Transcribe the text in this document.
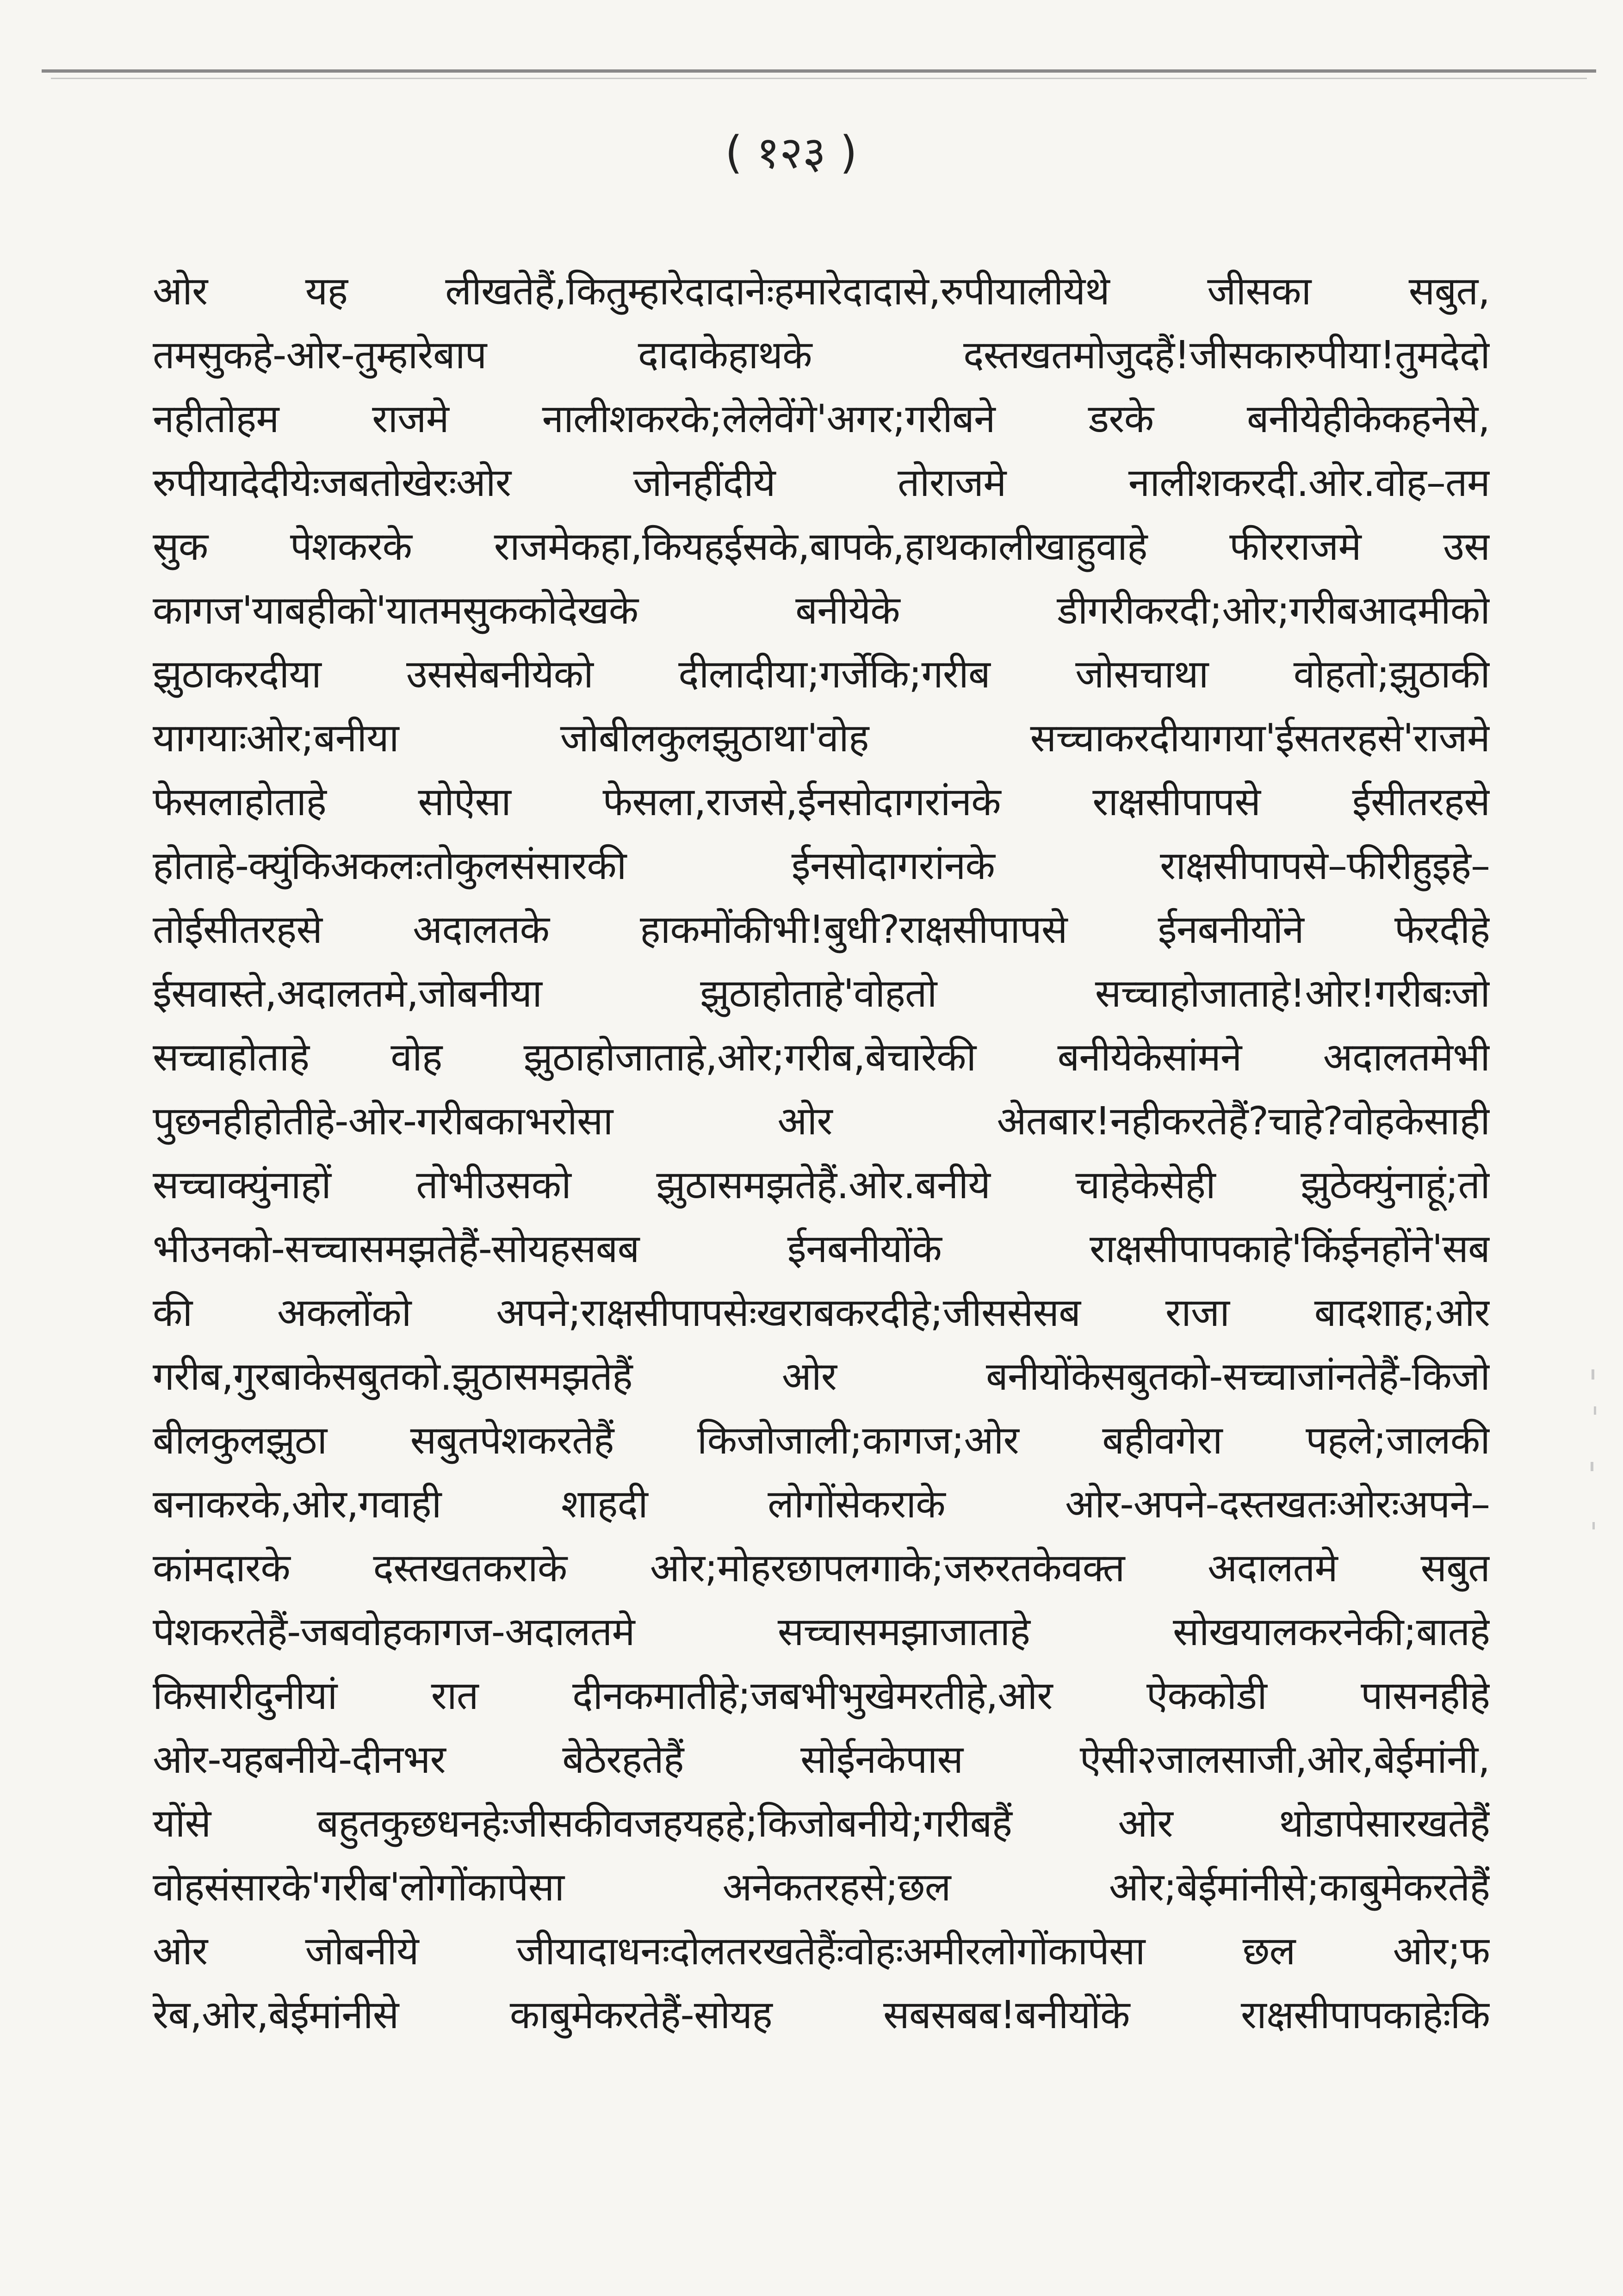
( १२३ )
ओर यह लीखतेहैं,कितुम्हारेदादानेःहमारेदादासे,रुपीयालीयेथे जीसका सबुत,
तमसुकहे-ओर-तुम्हारेबाप दादाकेहाथके दस्तखतमोजुदहैं!जीसकारुपीया!तुमदेदो
नहीतोहम राजमे नालीशकरके;लेलेवेंगे'अगर;गरीबने डरके बनीयेहीकेकहनेसे,
रुपीयादेदीयेःजबतोखेरःओर जोनहींदीये तोराजमे नालीशकरदी.ओर.वोह–तम
सुक पेशकरके राजमेकहा,कियहईसके,बापके,हाथकालीखाहुवाहे फीरराजमे उस
कागज'याबहीको'यातमसुककोदेखके बनीयेके डीगरीकरदी;ओर;गरीबआदमीको
झुठाकरदीया उससेबनीयेको दीलादीया;गर्जेकि;गरीब जोसचाथा वोहतो;झुठाकी
यागयाःओर;बनीया जोबीलकुलझुठाथा'वोह सच्चाकरदीयागया'ईसतरहसे'राजमे
फेसलाहोताहे सोऐसा फेसला,राजसे,ईनसोदागरांनके राक्षसीपापसे ईसीतरहसे
होताहे-क्युंकिअकलःतोकुलसंसारकी ईनसोदागरांनके राक्षसीपापसे–फीरीहुइहे–
तोईसीतरहसे अदालतके हाकमोंकीभी!बुधी?राक्षसीपापसे ईनबनीयोंने फेरदीहे
ईसवास्ते,अदालतमे,जोबनीया झुठाहोताहे'वोहतो सच्चाहोजाताहे!ओर!गरीबःजो
सच्चाहोताहे वोह झुठाहोजाताहे,ओर;गरीब,बेचारेकी बनीयेकेसांमने अदालतमेभी
पुछनहीहोतीहे-ओर-गरीबकाभरोसा ओर अेतबार!नहीकरतेहैं?चाहे?वोहकेसाही
सच्चाक्युंनाहों तोभीउसको झुठासमझतेहैं.ओर.बनीये चाहेकेसेही झुठेक्युंनाहूं;तो
भीउनको-सच्चासमझतेहैं-सोयहसबब ईनबनीयोंके राक्षसीपापकाहे'किंईनहोंने'सब
की अकलोंको अपने;राक्षसीपापसेःखराबकरदीहे;जीससेसब राजा बादशाह;ओर
गरीब,गुरबाकेसबुतको.झुठासमझतेहैं ओर बनीयोंकेसबुतको-सच्चाजांनतेहैं-किजो
बीलकुलझुठा सबुतपेशकरतेहैं किजोजाली;कागज;ओर बहीवगेरा पहले;जालकी
बनाकरके,ओर,गवाही शाहदी लोगोंसेकराके ओर-अपने-दस्तखतःओरःअपने–
कांमदारके दस्तखतकराके ओर;मोहरछापलगाके;जरुरतकेवक्त अदालतमे सबुत
पेशकरतेहैं-जबवोहकागज-अदालतमे सच्चासमझाजाताहे सोखयालकरनेकी;बातहे
किसारीदुनीयां रात दीनकमातीहे;जबभीभुखेमरतीहे,ओर ऐककोडी पासनहीहे
ओर-यहबनीये-दीनभर बेठेरहतेहैं सोईनकेपास ऐसी२जालसाजी,ओर,बेईमांनी,
योंसे बहुतकुछधनहेःजीसकीवजहयहहे;किजोबनीये;गरीबहैं ओर थोडापेसारखतेहैं
वोहसंसारके'गरीब'लोगोंकापेसा अनेकतरहसे;छल ओर;बेईमांनीसे;काबुमेकरतेहैं
ओर जोबनीये जीयादाधनःदोलतरखतेहैंःवोहःअमीरलोगोंकापेसा छल ओर;फ
रेब,ओर,बेईमांनीसे काबुमेकरतेहैं-सोयह सबसबब!बनीयोंके राक्षसीपापकाहेःकि
